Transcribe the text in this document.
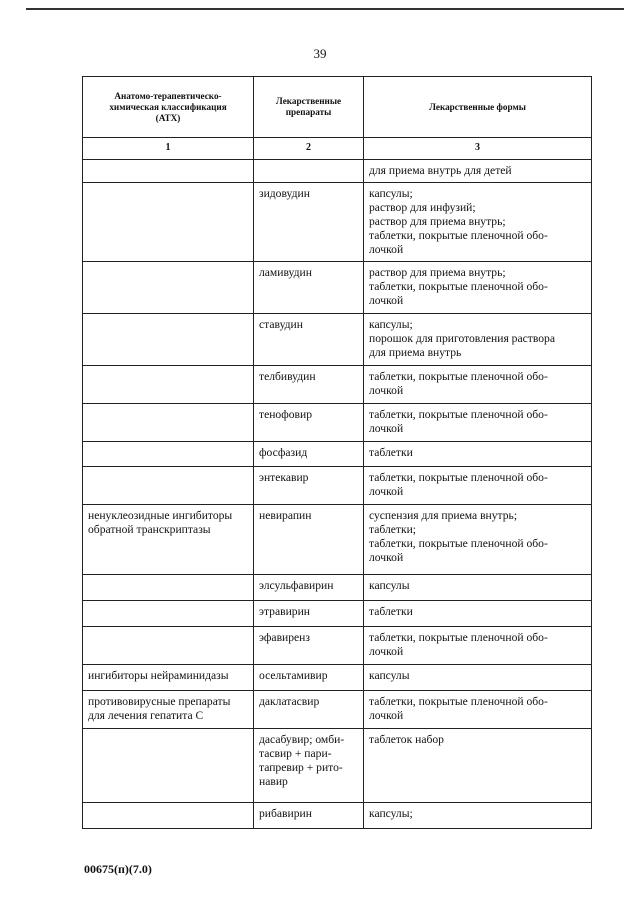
39
Анатомо-терапевтическо-
химическая классификация
(АТХ)	Лекарственные
препараты	Лекарственные формы

1	2	3

		для приема внутрь для детей

	зидовудин	капсулы;
раствор для инфузий;
раствор для приема внутрь;
таблетки, покрытые пленочной обо-
лочкой

	ламивудин	раствор для приема внутрь;
таблетки, покрытые пленочной обо-
лочкой

	ставудин	капсулы;
порошок для приготовления раствора
для приема внутрь

	телбивудин	таблетки, покрытые пленочной обо-
лочкой

	тенофовир	таблетки, покрытые пленочной обо-
лочкой

	фосфазид	таблетки

	энтекавир	таблетки, покрытые пленочной обо-
лочкой

ненуклеозидные ингибиторы
обратной транскриптазы	невирапин	суспензия для приема внутрь;
таблетки;
таблетки, покрытые пленочной обо-
лочкой

	элсульфавирин	капсулы

	этравирин	таблетки

	эфавиренз	таблетки, покрытые пленочной обо-
лочкой

ингибиторы нейраминидазы	осельтамивир	капсулы

противовирусные препараты
для лечения гепатита С	даклатасвир	таблетки, покрытые пленочной обо-
лочкой

	дасабувир; омби-
тасвир + пари-
тапревир + рито-
навир	таблеток набор

	рибавирин	капсулы;
00675(п)(7.0)
